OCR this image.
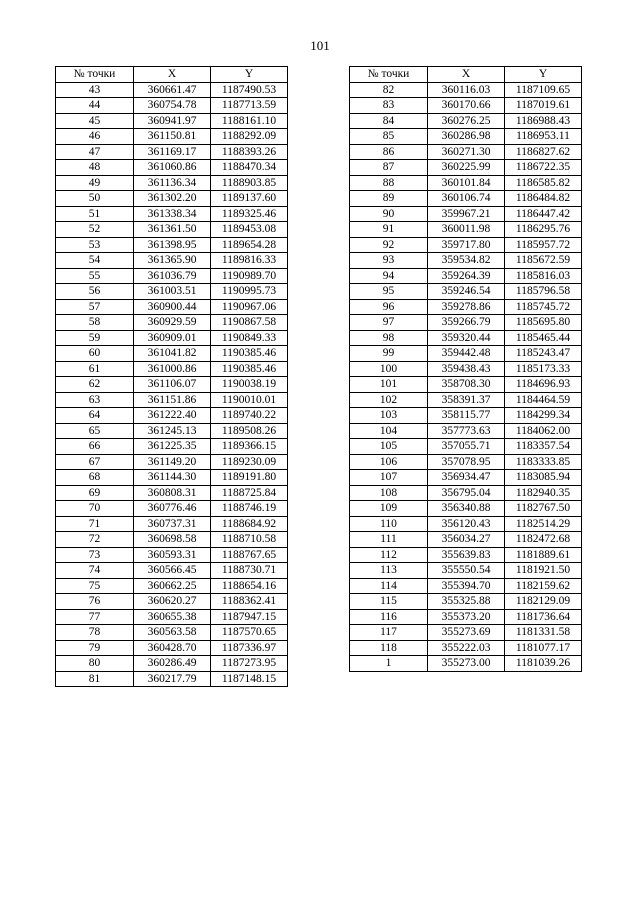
101
№ точки	X	Y
43	360661.47	1187490.53
44	360754.78	1187713.59
45	360941.97	1188161.10
46	361150.81	1188292.09
47	361169.17	1188393.26
48	361060.86	1188470.34
49	361136.34	1188903.85
50	361302.20	1189137.60
51	361338.34	1189325.46
52	361361.50	1189453.08
53	361398.95	1189654.28
54	361365.90	1189816.33
55	361036.79	1190989.70
56	361003.51	1190995.73
57	360900.44	1190967.06
58	360929.59	1190867.58
59	360909.01	1190849.33
60	361041.82	1190385.46
61	361000.86	1190385.46
62	361106.07	1190038.19
63	361151.86	1190010.01
64	361222.40	1189740.22
65	361245.13	1189508.26
66	361225.35	1189366.15
67	361149.20	1189230.09
68	361144.30	1189191.80
69	360808.31	1188725.84
70	360776.46	1188746.19
71	360737.31	1188684.92
72	360698.58	1188710.58
73	360593.31	1188767.65
74	360566.45	1188730.71
75	360662.25	1188654.16
76	360620.27	1188362.41
77	360655.38	1187947.15
78	360563.58	1187570.65
79	360428.70	1187336.97
80	360286.49	1187273.95
81	360217.79	1187148.15
№ точки	X	Y
82	360116.03	1187109.65
83	360170.66	1187019.61
84	360276.25	1186988.43
85	360286.98	1186953.11
86	360271.30	1186827.62
87	360225.99	1186722.35
88	360101.84	1186585.82
89	360106.74	1186484.82
90	359967.21	1186447.42
91	360011.98	1186295.76
92	359717.80	1185957.72
93	359534.82	1185672.59
94	359264.39	1185816.03
95	359246.54	1185796.58
96	359278.86	1185745.72
97	359266.79	1185695.80
98	359320.44	1185465.44
99	359442.48	1185243.47
100	359438.43	1185173.33
101	358708.30	1184696.93
102	358391.37	1184464.59
103	358115.77	1184299.34
104	357773.63	1184062.00
105	357055.71	1183357.54
106	357078.95	1183333.85
107	356934.47	1183085.94
108	356795.04	1182940.35
109	356340.88	1182767.50
110	356120.43	1182514.29
111	356034.27	1182472.68
112	355639.83	1181889.61
113	355550.54	1181921.50
114	355394.70	1182159.62
115	355325.88	1182129.09
116	355373.20	1181736.64
117	355273.69	1181331.58
118	355222.03	1181077.17
1	355273.00	1181039.26
